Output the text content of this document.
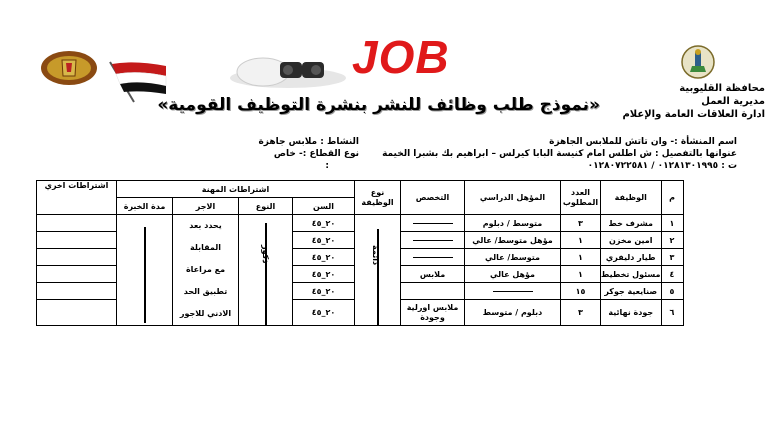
JOB
محافظة القليوبية
مديرية العمل
ادارة العلاقات العامة والإعلام
«نموذج طلب وظائف للنشر بنشرة التوظيف القومية»
اسم المنشأة :- وان تاتش للملابس الجاهزة
عنوانها بالتفصيل : ش اطلس امام كنيسة البابا كيرلس – ابراهيم بك بشبرا الخيمة
ت : ٠١٢٨١٣٠١٩٩٥ / ٠١٢٨٠٧٢٢٥٨١
النشاط : ملابس جاهزة
نوع القطاع :- خاص
:
م	الوظيفة	العدد المطلوب	المؤهل الدراسي	التخصص	نوع الوظيفة	اشتراطات المهنة				اشتراطات اخري
						السن	النوع	الاجر	مدة الخبرة	
١	مشرف خط	٣	متوسط / دبلوم		دائمة	٢٠_٤٥	ذكور	يحدد بعد
المقابلة
مع مراعاة
تطبيق الحد
الادني للاجور		

٢	امين مخزن	١	مؤهل متوسط/ عالي			٢٠_٤٥				
٣	طيار دليفري	١	متوسط/ عالي			٢٠_٤٥				
٤	مسئول تخطيط	١	مؤهل عالي	ملابس		٢٠_٤٥				
٥	صنايعية جوكر	١٥				٢٠_٤٥				
٦	جودة نهائية	٣	دبلوم / متوسط	ملابس اورلية وجودة		٢٠_٤٥				
